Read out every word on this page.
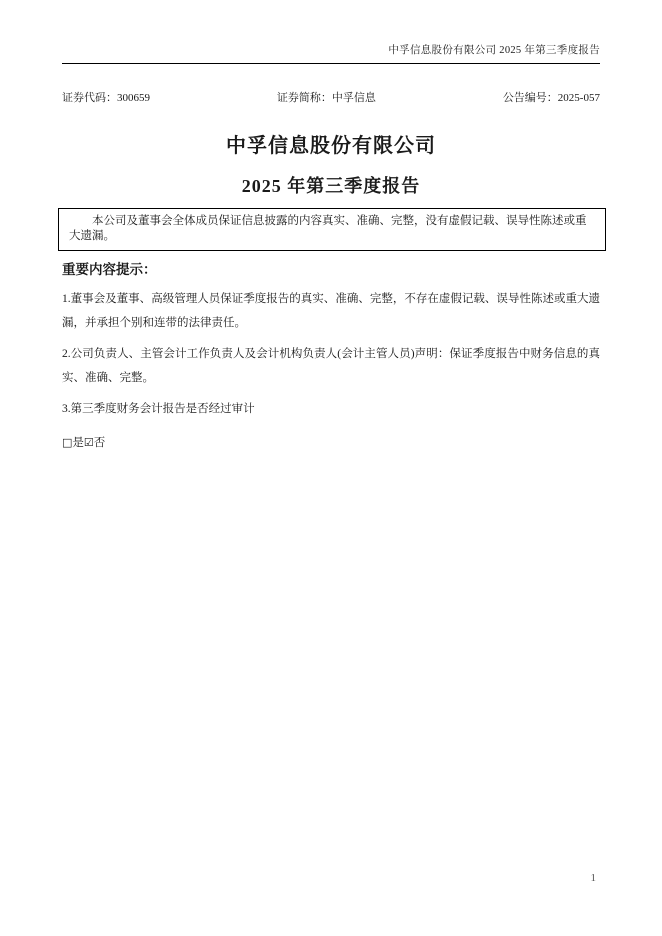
中孚信息股份有限公司 2025 年第三季度报告
证券代码：300659	证券简称：中孚信息	公告编号：2025-057
中孚信息股份有限公司
2025 年第三季度报告

本公司及董事会全体成员保证信息披露的内容真实、准确、完整，没有虚假记载、误导性陈述或重大遗漏。

重要内容提示：

1.董事会及董事、高级管理人员保证季度报告的真实、准确、完整，不存在虚假记载、误导性陈述或重大遗漏，并承担个别和连带的法律责任。

2.公司负责人、主管会计工作负责人及会计机构负责人(会计主管人员)声明：保证季度报告中财务信息的真实、准确、完整。

3.第三季度财务会计报告是否经过审计

□是☑否
1
